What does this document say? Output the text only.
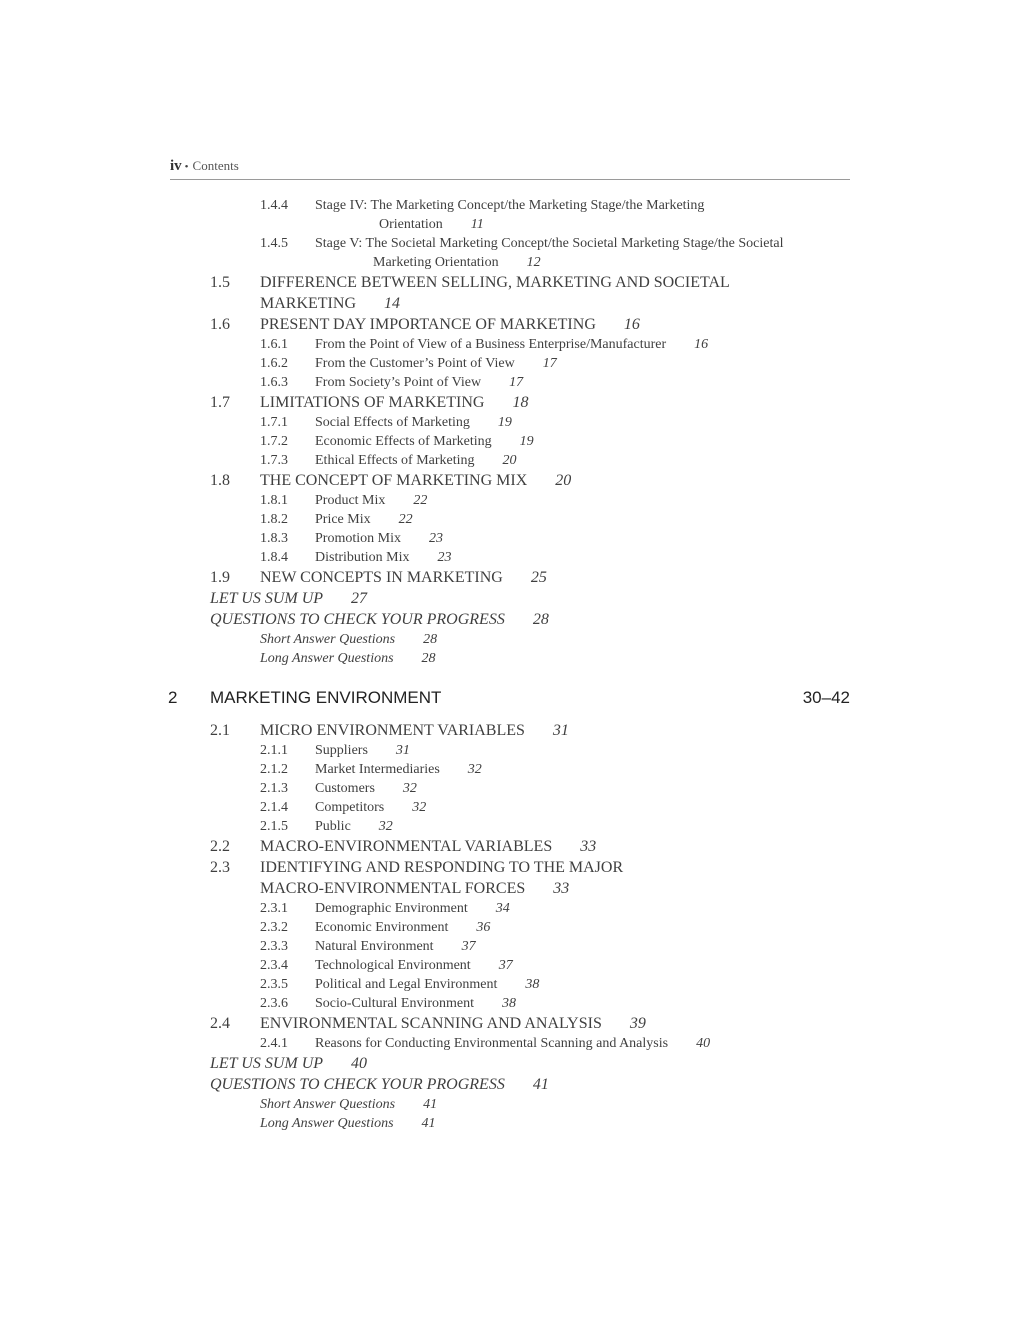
iv • Contents
1.4.4 Stage IV: The Marketing Concept/the Marketing Stage/the Marketing
Orientation 11
1.4.5 Stage V: The Societal Marketing Concept/the Societal Marketing Stage/the Societal
Marketing Orientation 12
1.5 DIFFERENCE BETWEEN SELLING, MARKETING AND SOCIETAL
MARKETING 14
1.6 PRESENT DAY IMPORTANCE OF MARKETING 16
1.6.1 From the Point of View of a Business Enterprise/Manufacturer 16
1.6.2 From the Customer’s Point of View 17
1.6.3 From Society’s Point of View 17
1.7 LIMITATIONS OF MARKETING 18
1.7.1 Social Effects of Marketing 19
1.7.2 Economic Effects of Marketing 19
1.7.3 Ethical Effects of Marketing 20
1.8 THE CONCEPT OF MARKETING MIX 20
1.8.1 Product Mix 22
1.8.2 Price Mix 22
1.8.3 Promotion Mix 23
1.8.4 Distribution Mix 23
1.9 NEW CONCEPTS IN MARKETING 25
LET US SUM UP 27
QUESTIONS TO CHECK YOUR PROGRESS 28
Short Answer Questions 28
Long Answer Questions 28
2 MARKETING ENVIRONMENT	30–42
2.1 MICRO ENVIRONMENT VARIABLES 31
2.1.1 Suppliers 31
2.1.2 Market Intermediaries 32
2.1.3 Customers 32
2.1.4 Competitors 32
2.1.5 Public 32
2.2 MACRO-ENVIRONMENTAL VARIABLES 33
2.3 IDENTIFYING AND RESPONDING TO THE MAJOR
MACRO-ENVIRONMENTAL FORCES 33
2.3.1 Demographic Environment 34
2.3.2 Economic Environment 36
2.3.3 Natural Environment 37
2.3.4 Technological Environment 37
2.3.5 Political and Legal Environment 38
2.3.6 Socio-Cultural Environment 38
2.4 ENVIRONMENTAL SCANNING AND ANALYSIS 39
2.4.1 Reasons for Conducting Environmental Scanning and Analysis 40
LET US SUM UP 40
QUESTIONS TO CHECK YOUR PROGRESS 41
Short Answer Questions 41
Long Answer Questions 41
